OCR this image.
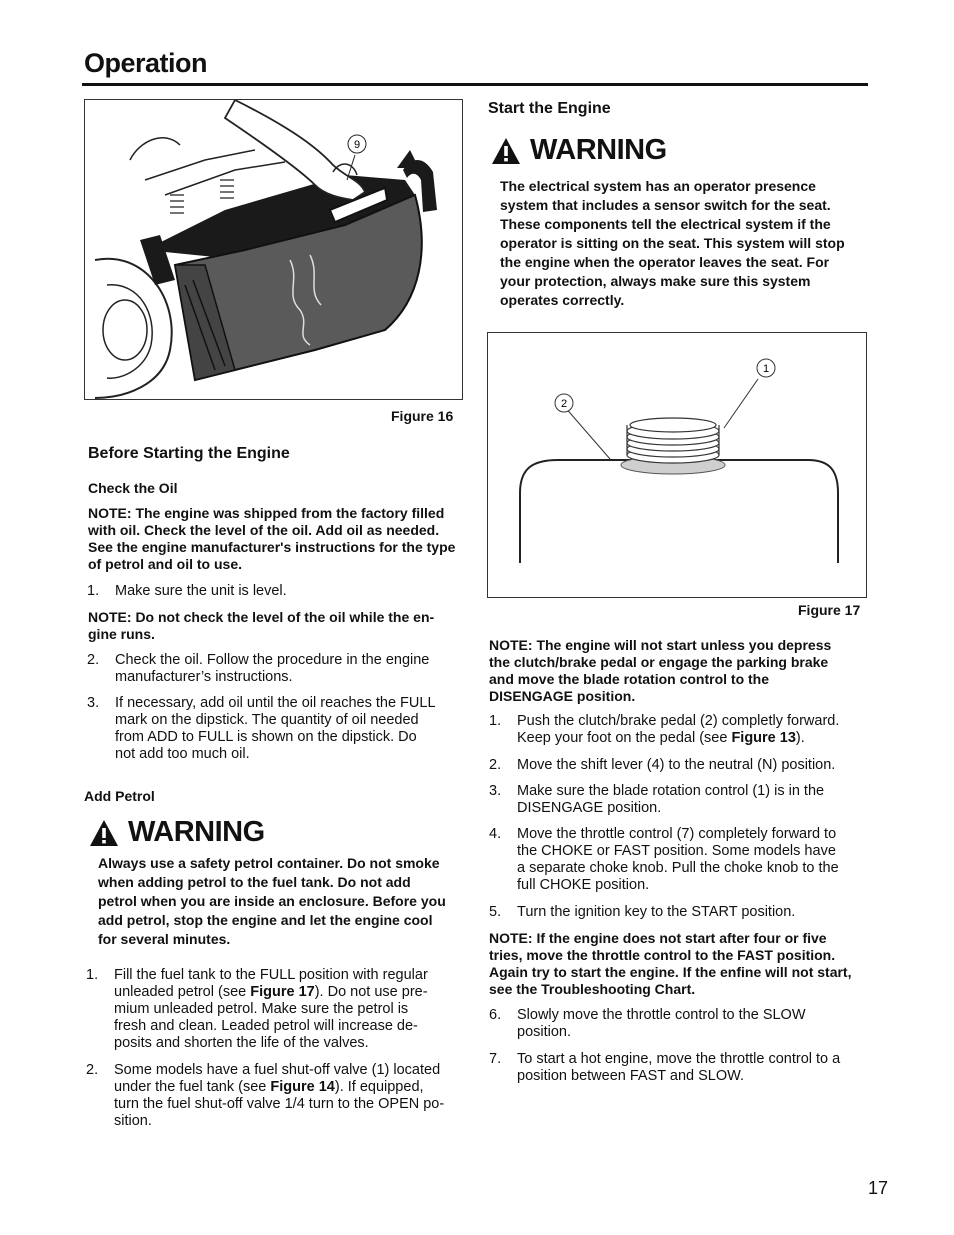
Operation
9
Figure 16
Before Starting the Engine
Check the Oil
NOTE: The engine was shipped from the factory filled
with oil. Check the level of the oil. Add oil as needed.
See the engine manufacturer's instructions for the type
of petrol and oil to use.
1.	Make sure the unit is level.
NOTE: Do not check the level of the oil while the en-
gine runs.
2.	Check the oil. Follow the procedure in the engine
manufacturer’s instructions.
3.	If necessary, add oil until the oil reaches the FULL
mark on the dipstick. The quantity of oil needed
from ADD to FULL is shown on the dipstick. Do
not add too much oil.
Add Petrol
WARNING
Always use a safety petrol container. Do not smoke
when adding petrol to the fuel tank. Do not add
petrol when you are inside an enclosure. Before you
add petrol, stop the engine and let the engine cool
for several minutes.
1.	Fill the fuel tank to the FULL position with regular
unleaded petrol (see Figure 17). Do not use pre-
mium unleaded petrol. Make sure the petrol is
fresh and clean. Leaded petrol will increase de-
posits and shorten the life of the valves.
2.	Some models have a fuel shut-off valve (1) located
under the fuel tank (see Figure 14). If equipped,
turn the fuel shut-off valve 1/4 turn to the OPEN po-
sition.
Start the Engine
WARNING
The electrical system has an operator presence
system that includes a sensor switch for the seat.
These components tell the electrical system if the
operator is sitting on the seat. This system will stop
the engine when the operator leaves the seat. For
your protection, always make sure this system
operates correctly.
2
1
Figure 17
NOTE: The engine will not start unless you depress
the clutch/brake pedal or engage the parking brake
and move the blade rotation control to the
DISENGAGE position.
1.	Push the clutch/brake pedal (2) completly forward.
Keep your foot on the pedal (see Figure 13).
2.	Move the shift lever (4) to the neutral (N) position.
3.	Make sure the blade rotation control (1) is in the
DISENGAGE position.
4.	Move the throttle control (7) completely forward to
the CHOKE or FAST position. Some models have
a separate choke knob. Pull the choke knob to the
full CHOKE position.
5.	Turn the ignition key to the START position.
NOTE: If the engine does not start after four or five
tries, move the throttle control to the FAST position.
Again try to start the engine. If the enfine will not start,
see the Troubleshooting Chart.
6.	Slowly move the throttle control to the SLOW
position.
7.	To start a hot engine, move the throttle control to a
position between FAST and SLOW.
17
